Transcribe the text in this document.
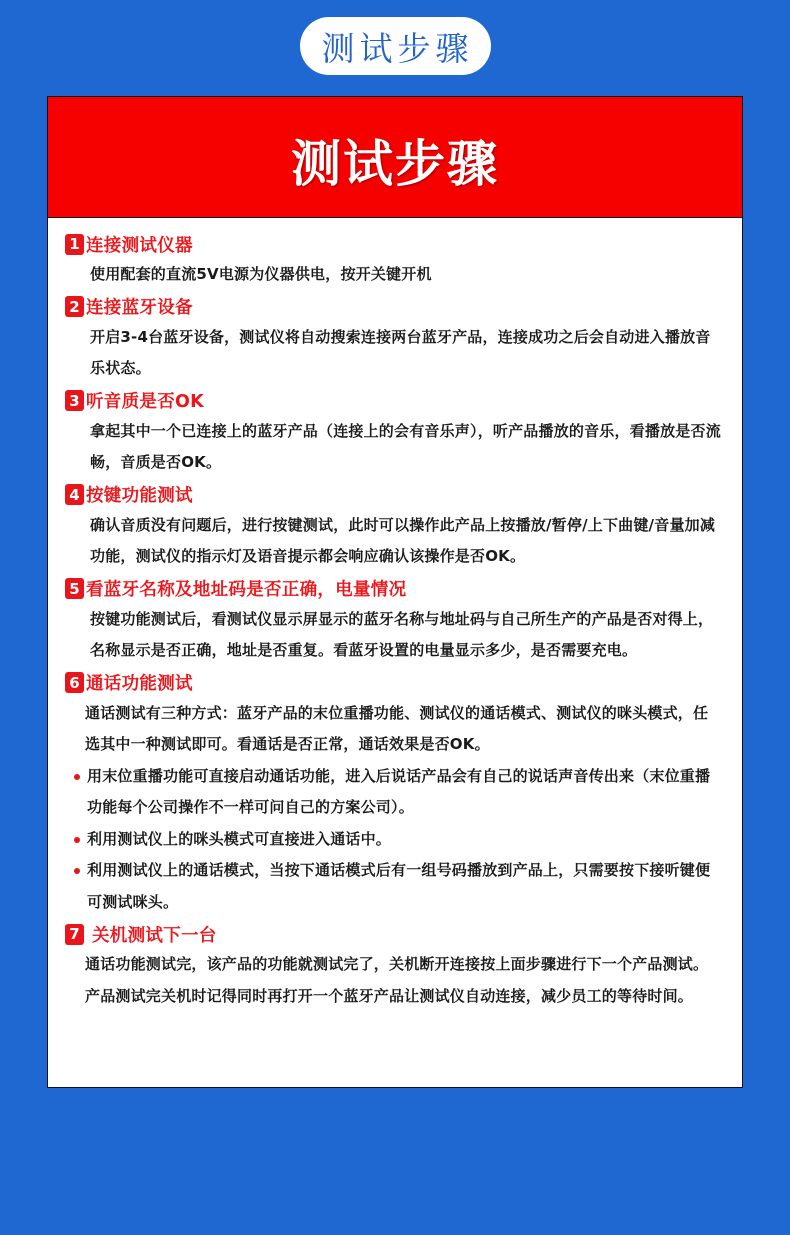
测试步骤
测试步骤
1 连接测试仪器
使用配套的直流5V电源为仪器供电，按开关键开机
2 连接蓝牙设备
开启3-4台蓝牙设备，测试仪将自动搜索连接两台蓝牙产品，连接成功之后会自动进入播放音乐状态。
3 听音质是否OK
拿起其中一个已连接上的蓝牙产品（连接上的会有音乐声），听产品播放的音乐，看播放是否流畅，音质是否OK。
4 按键功能测试
确认音质没有问题后，进行按键测试，此时可以操作此产品上按播放/暂停/上下曲键/音量加减功能，测试仪的指示灯及语音提示都会响应确认该操作是否OK。
5 看蓝牙名称及地址码是否正确，电量情况
按键功能测试后，看测试仪显示屏显示的蓝牙名称与地址码与自己所生产的产品是否对得上，名称显示是否正确，地址是否重复。看蓝牙设置的电量显示多少，是否需要充电。
6 通话功能测试
通话测试有三种方式：蓝牙产品的末位重播功能、测试仪的通话模式、测试仪的咪头模式，任选其中一种测试即可。看通话是否正常，通话效果是否OK。
用末位重播功能可直接启动通话功能，进入后说话产品会有自己的说话声音传出来（末位重播功能每个公司操作不一样可问自己的方案公司）。
利用测试仪上的咪头模式可直接进入通话中。
利用测试仪上的通话模式，当按下通话模式后有一组号码播放到产品上，只需要按下接听键便可测试咪头。
7 关机测试下一台
通话功能测试完，该产品的功能就测试完了，关机断开连接按上面步骤进行下一个产品测试。产品测试完关机时记得同时再打开一个蓝牙产品让测试仪自动连接，减少员工的等待时间。
